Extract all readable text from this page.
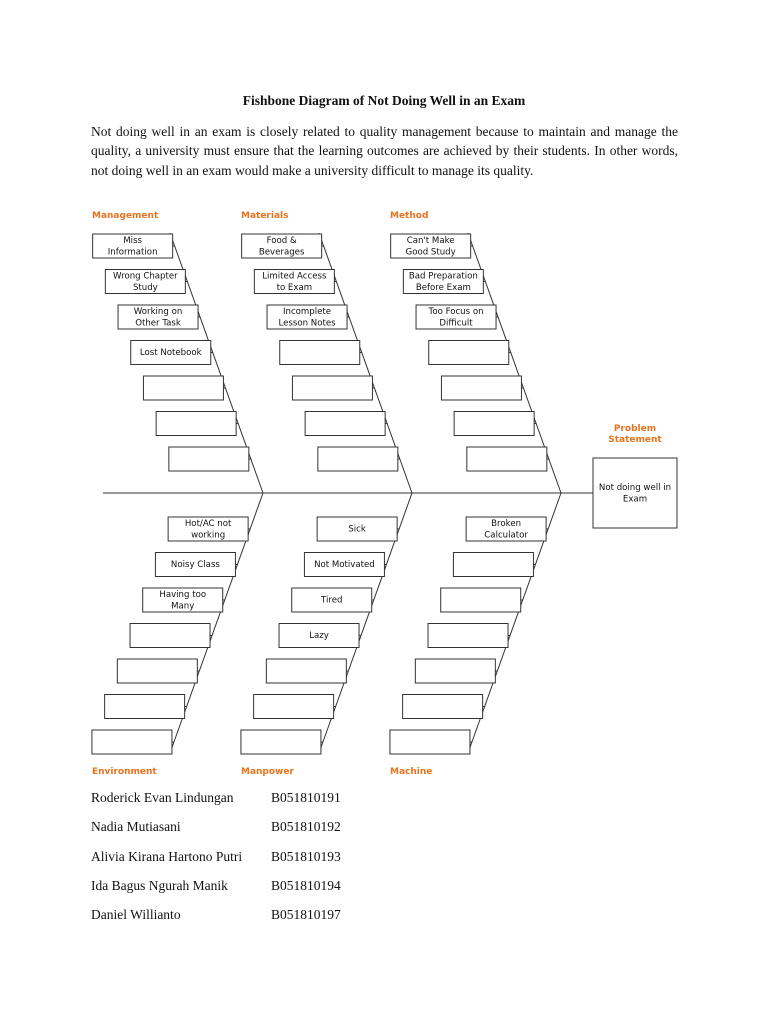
Fishbone Diagram of Not Doing Well in an Exam

Not doing well in an exam is closely related to quality management because to maintain and manage the quality, a university must ensure that the learning outcomes are achieved by their students. In other words, not doing well in an exam would make a university difficult to manage its quality.

Not doing well in
Exam
Miss
Information
Wrong Chapter
Study
Working on
Other Task
Lost Notebook
Food &
Beverages
Limited Access
to Exam
Incomplete
Lesson Notes
Can't Make
Good Study
Bad Preparation
Before Exam
Too Focus on
Difficult
Hot/AC not
working
Noisy Class
Having too
Many
Sick
Not Motivated
Tired
Lazy
Broken
Calculator
Problem
Statement
Management	Materials	Method
Environment	Manpower	Machine
Roderick Evan Lindungan	B051810191
Nadia Mutiasani	B051810192
Alivia Kirana Hartono Putri B051810193
Ida Bagus Ngurah Manik	B051810194
Daniel Willianto	B051810197
